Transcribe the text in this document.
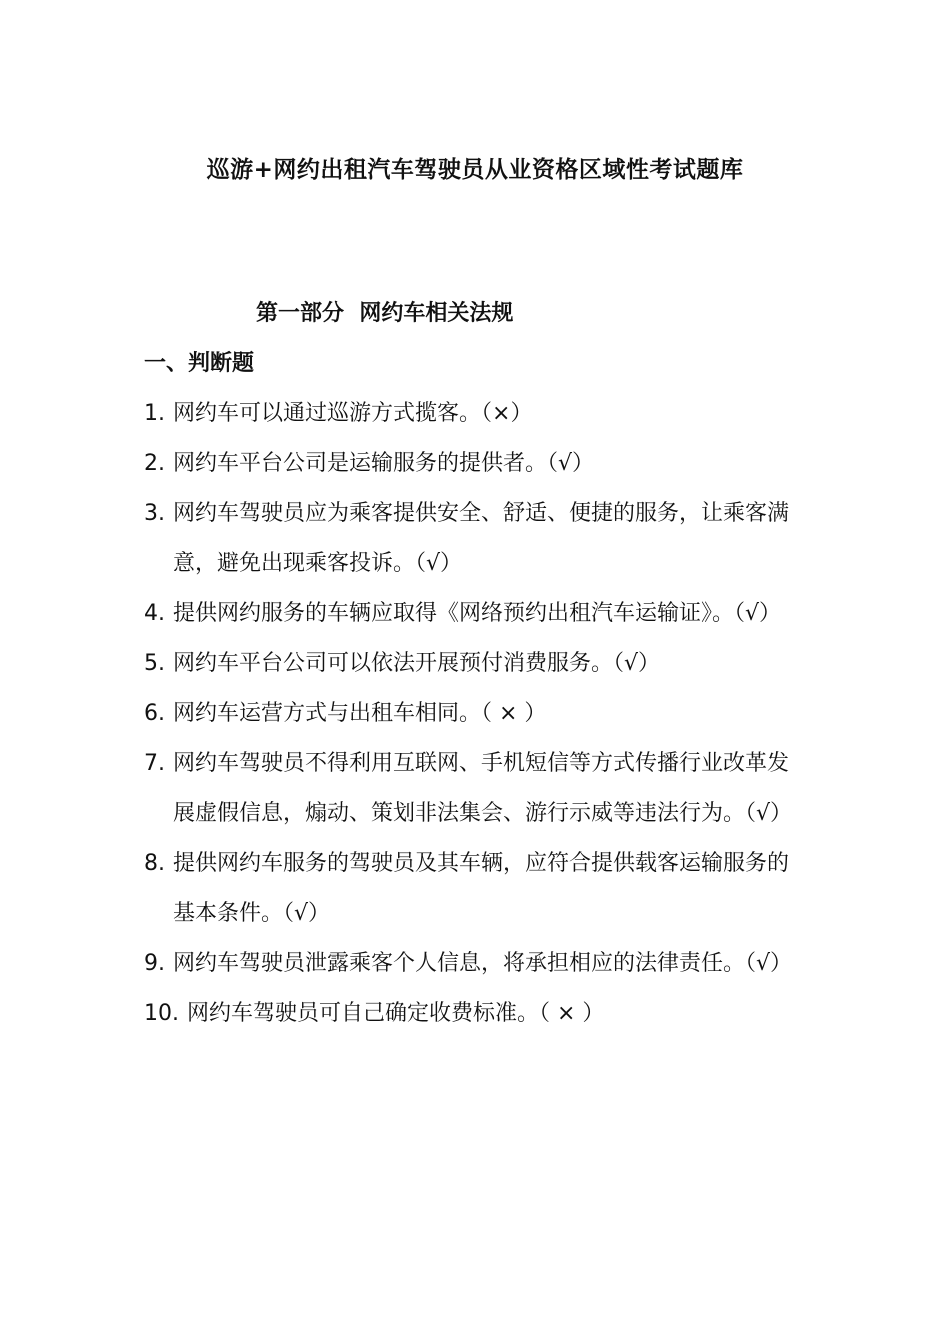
巡游+网约出租汽车驾驶员从业资格区域性考试题库
第一部分  网约车相关法规
一、判断题
1. 网约车可以通过巡游方式揽客。（×）
2. 网约车平台公司是运输服务的提供者。（√）
3. 网约车驾驶员应为乘客提供安全、舒适、便捷的服务，让乘客满意，避免出现乘客投诉。（√）
4. 提供网约服务的车辆应取得《网络预约出租汽车运输证》。（√）
5. 网约车平台公司可以依法开展预付消费服务。（√）
6. 网约车运营方式与出租车相同。（ × ）
7. 网约车驾驶员不得利用互联网、手机短信等方式传播行业改革发展虚假信息，煽动、策划非法集会、游行示威等违法行为。（√）
8. 提供网约车服务的驾驶员及其车辆，应符合提供载客运输服务的基本条件。（√）
9. 网约车驾驶员泄露乘客个人信息，将承担相应的法律责任。（√）
10. 网约车驾驶员可自己确定收费标准。（ × ）
